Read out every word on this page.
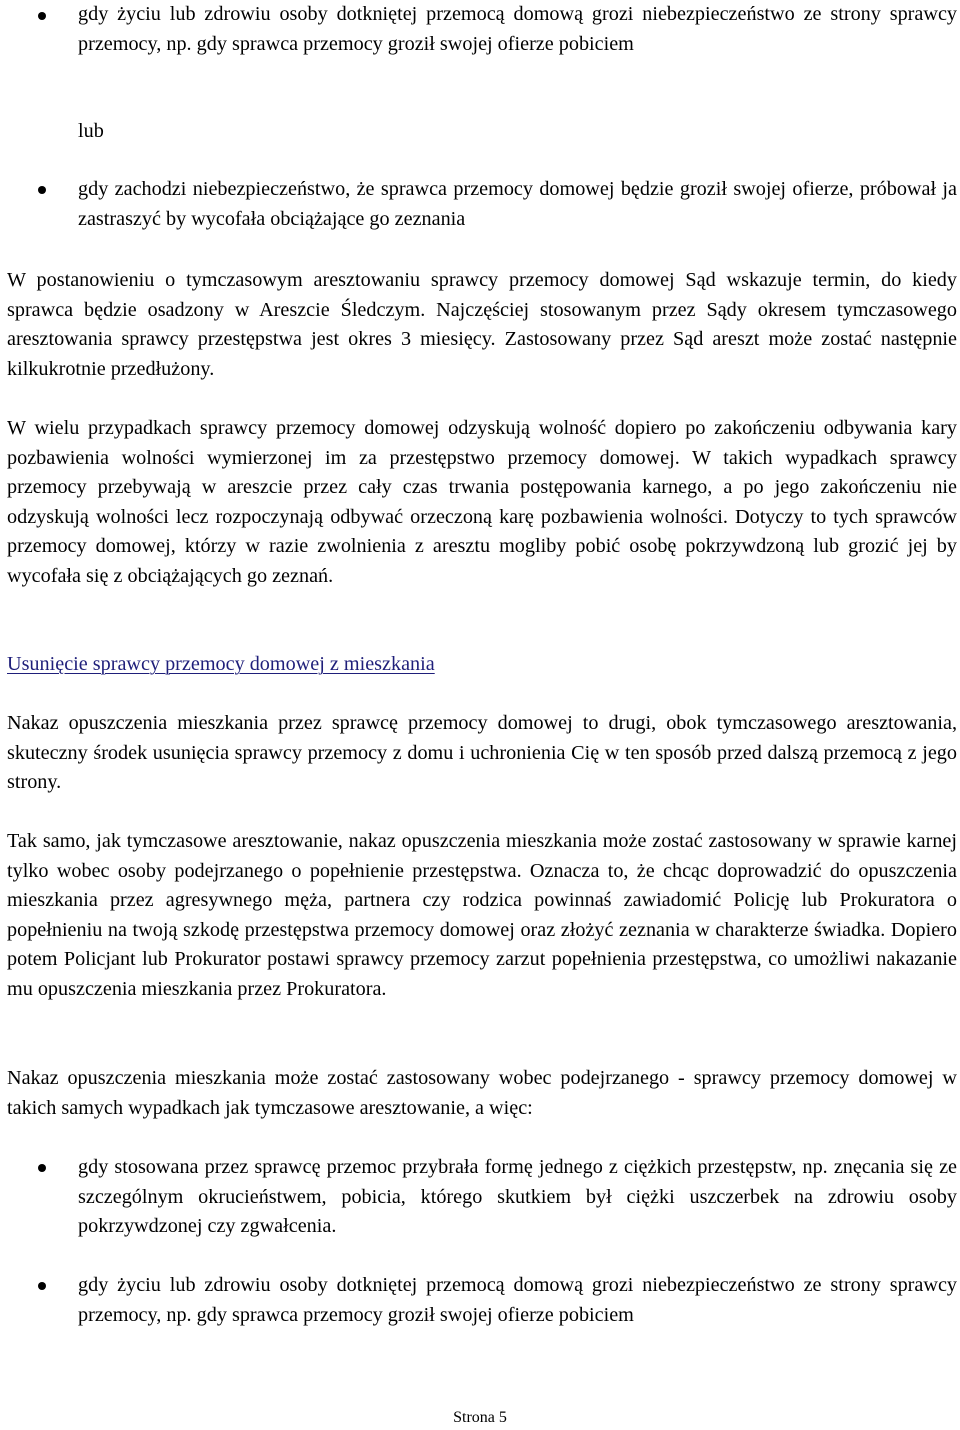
gdy życiu lub zdrowiu osoby dotkniętej przemocą domową grozi niebezpieczeństwo ze strony sprawcy przemocy, np. gdy sprawca przemocy groził swojej ofierze pobiciem

lub

gdy zachodzi niebezpieczeństwo, że sprawca przemocy domowej będzie groził swojej ofierze, próbował ja zastraszyć by wycofała obciążające go zeznania

W postanowieniu o tymczasowym aresztowaniu sprawcy przemocy domowej Sąd wskazuje termin, do kiedy sprawca będzie osadzony w Areszcie Śledczym. Najczęściej stosowanym przez Sądy okresem tymczasowego aresztowania sprawcy przestępstwa jest okres 3 miesięcy. Zastosowany przez Sąd areszt może zostać następnie kilkukrotnie przedłużony.

W wielu przypadkach sprawcy przemocy domowej odzyskują wolność dopiero po zakończeniu odbywania kary pozbawienia wolności wymierzonej im za przestępstwo przemocy domowej. W takich wypadkach sprawcy przemocy przebywają w areszcie przez cały czas trwania postępowania karnego, a po jego zakończeniu nie odzyskują wolności lecz rozpoczynają odbywać orzeczoną karę pozbawienia wolności. Dotyczy to tych sprawców przemocy domowej, którzy w razie zwolnienia z aresztu mogliby pobić osobę pokrzywdzoną lub grozić jej by wycofała się z obciążających go zeznań.

Usunięcie sprawcy przemocy domowej z mieszkania

Nakaz opuszczenia mieszkania przez sprawcę przemocy domowej to drugi, obok tymczasowego aresztowania, skuteczny środek usunięcia sprawcy przemocy z domu i uchronienia Cię w ten sposób przed dalszą przemocą z jego strony.

Tak samo, jak tymczasowe aresztowanie, nakaz opuszczenia mieszkania może zostać zastosowany w sprawie karnej tylko wobec osoby podejrzanego o popełnienie przestępstwa. Oznacza to, że chcąc doprowadzić do opuszczenia mieszkania przez agresywnego męża, partnera czy rodzica powinnaś zawiadomić Policję lub Prokuratora o popełnieniu na twoją szkodę przestępstwa przemocy domowej oraz złożyć zeznania w charakterze świadka. Dopiero potem Policjant lub Prokurator postawi sprawcy przemocy zarzut popełnienia przestępstwa, co umożliwi nakazanie mu opuszczenia mieszkania przez Prokuratora.

Nakaz opuszczenia mieszkania może zostać zastosowany wobec podejrzanego - sprawcy przemocy domowej w takich samych wypadkach jak tymczasowe aresztowanie, a więc:

gdy stosowana przez sprawcę przemoc przybrała formę jednego z ciężkich przestępstw, np. znęcania się ze szczególnym okrucieństwem, pobicia, którego skutkiem był ciężki uszczerbek na zdrowiu osoby pokrzywdzonej czy zgwałcenia.

gdy życiu lub zdrowiu osoby dotkniętej przemocą domową grozi niebezpieczeństwo ze strony sprawcy przemocy, np. gdy sprawca przemocy groził swojej ofierze pobiciem

Strona 5
